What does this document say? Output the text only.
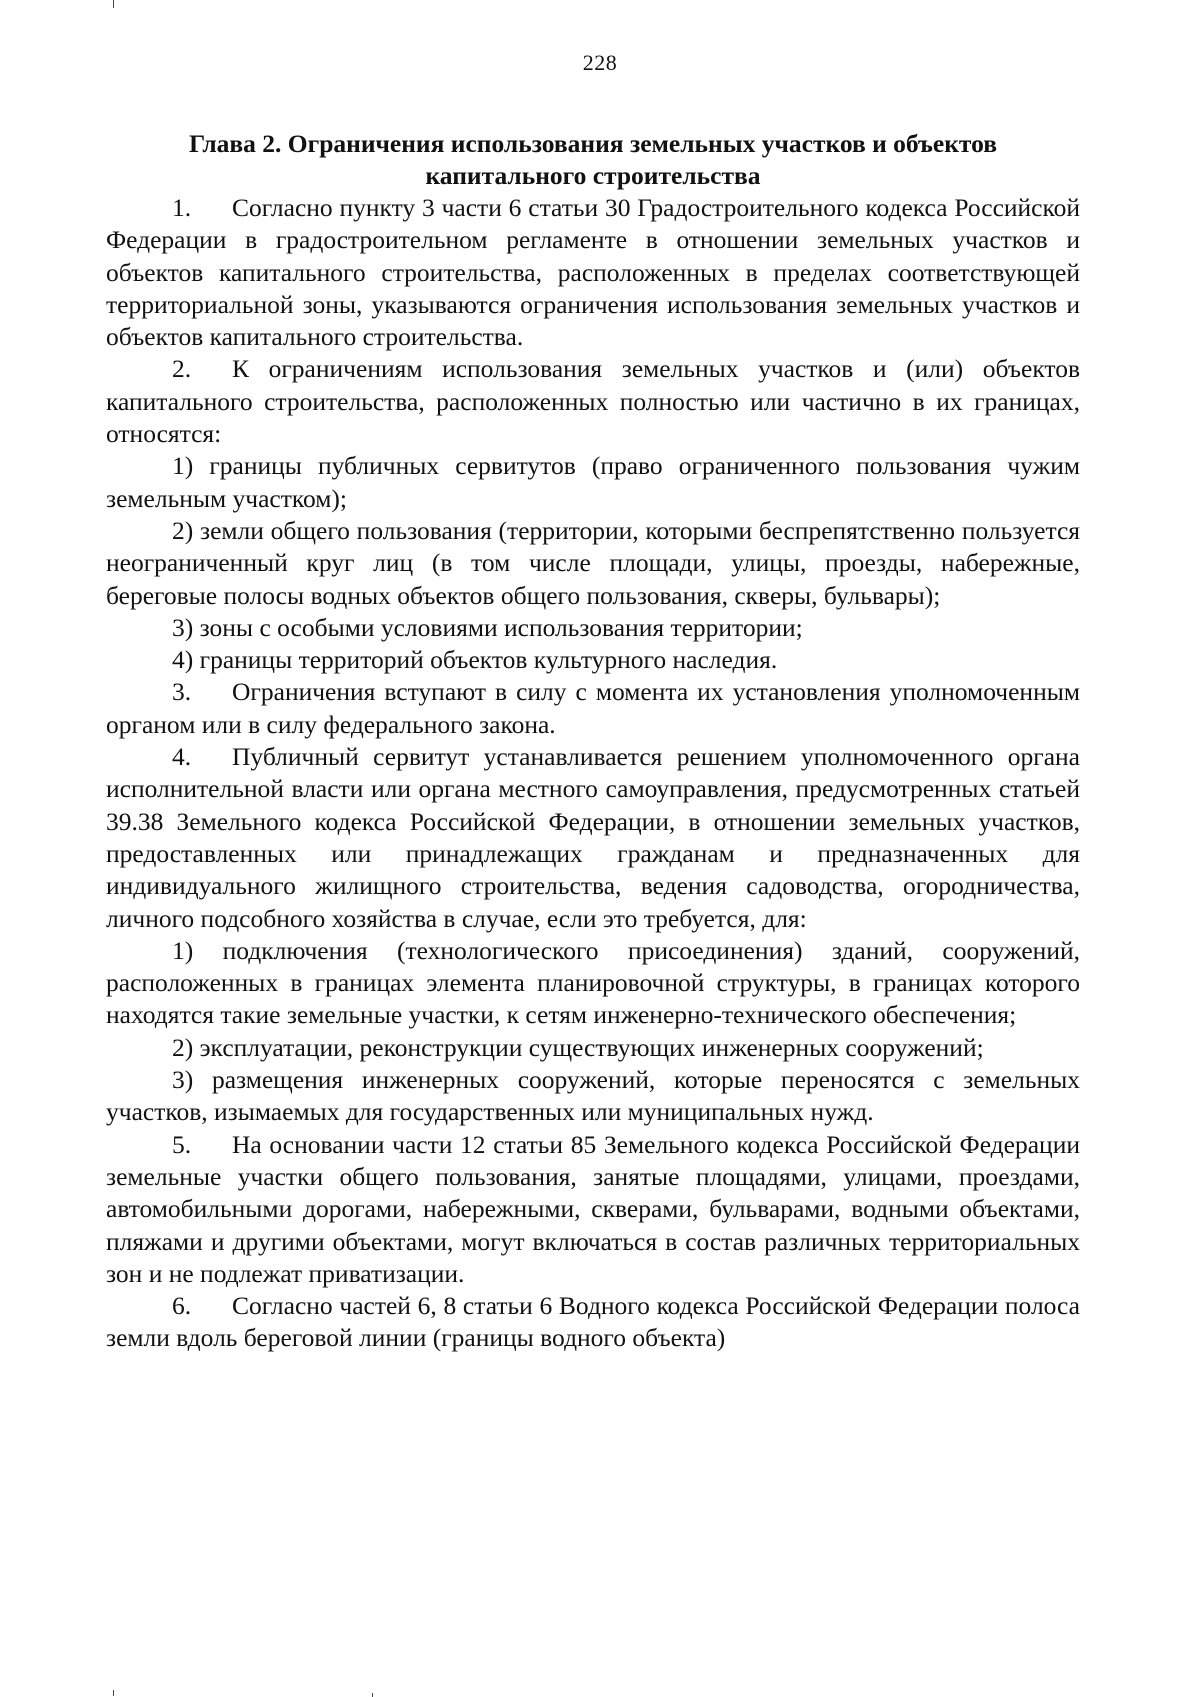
228
Глава 2. Ограничения использования земельных участков и объектов капитального строительства

1. Согласно пункту 3 части 6 статьи 30 Градостроительного кодекса Российской Федерации в градостроительном регламенте в отношении земельных участков и объектов капитального строительства, расположенных в пределах соответствующей территориальной зоны, указываются ограничения использования земельных участков и объектов капитального строительства.

2. К ограничениям использования земельных участков и (или) объектов капитального строительства, расположенных полностью или частично в их границах, относятся:

1) границы публичных сервитутов (право ограниченного пользования чужим земельным участком);

2) земли общего пользования (территории, которыми беспрепятственно пользуется неограниченный круг лиц (в том числе площади, улицы, проезды, набережные, береговые полосы водных объектов общего пользования, скверы, бульвары);

3) зоны с особыми условиями использования территории;

4) границы территорий объектов культурного наследия.

3. Ограничения вступают в силу с момента их установления уполномоченным органом или в силу федерального закона.

4. Публичный сервитут устанавливается решением уполномоченного органа исполнительной власти или органа местного самоуправления, предусмотренных статьей 39.38 Земельного кодекса Российской Федерации, в отношении земельных участков, предоставленных или принадлежащих гражданам и предназначенных для индивидуального жилищного строительства, ведения садоводства, огородничества, личного подсобного хозяйства в случае, если это требуется, для:

1) подключения (технологического присоединения) зданий, сооружений, расположенных в границах элемента планировочной структуры, в границах которого находятся такие земельные участки, к сетям инженерно-технического обеспечения;

2) эксплуатации, реконструкции существующих инженерных сооружений;

3) размещения инженерных сооружений, которые переносятся с земельных участков, изымаемых для государственных или муниципальных нужд.

5. На основании части 12 статьи 85 Земельного кодекса Российской Федерации земельные участки общего пользования, занятые площадями, улицами, проездами, автомобильными дорогами, набережными, скверами, бульварами, водными объектами, пляжами и другими объектами, могут включаться в состав различных территориальных зон и не подлежат приватизации.

6. Согласно частей 6, 8 статьи 6 Водного кодекса Российской Федерации полоса земли вдоль береговой линии (границы водного объекта)
